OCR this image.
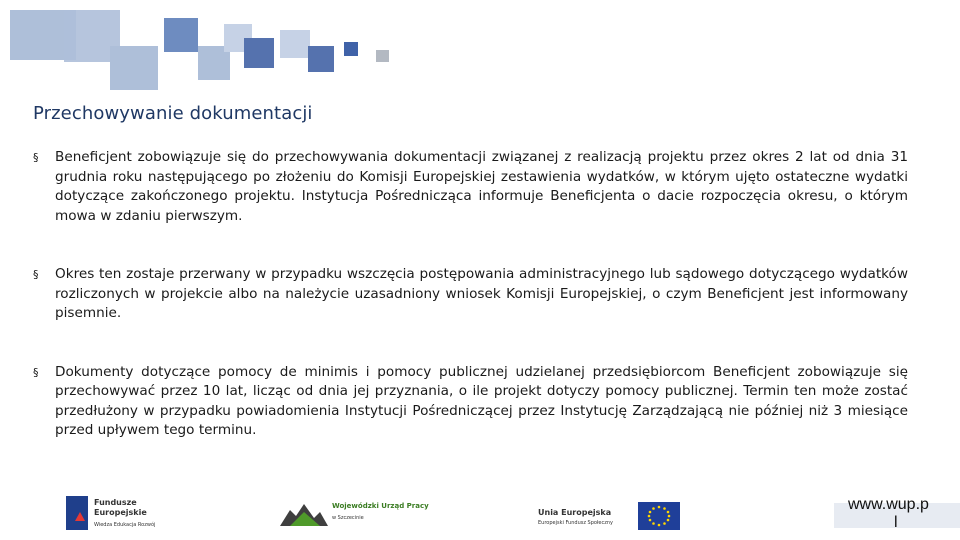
Przechowywanie dokumentacji
§ Beneficjent zobowiązuje się do przechowywania dokumentacji związanej z realizacją projektu przez okres 2 lat od dnia 31 grudnia roku następującego po złożeniu do Komisji Europejskiej zestawienia wydatków, w którym ujęto ostateczne wydatki dotyczące zakończonego projektu. Instytucja Pośrednicząca informuje Beneficjenta o dacie rozpoczęcia okresu, o którym mowa w zdaniu pierwszym.
§ Okres ten zostaje przerwany w przypadku wszczęcia postępowania administracyjnego lub sądowego dotyczącego wydatków rozliczonych w projekcie albo na należycie uzasadniony wniosek Komisji Europejskiej, o czym Beneficjent jest informowany pisemnie.
§ Dokumenty dotyczące pomocy de minimis i pomocy publicznej udzielanej przedsiębiorcom Beneficjent zobowiązuje się przechowywać przez 10 lat, licząc od dnia jej przyznania, o ile projekt dotyczy pomocy publicznej. Termin ten może zostać przedłużony w przypadku powiadomienia Instytucji Pośredniczącej przez Instytucję Zarządzającą nie później niż 3 miesiące przed upływem tego terminu.
Fundusze
Europejskie
Wiedza Edukacja Rozwój
Wojewódzki Urząd Pracy
w Szczecinie
Unia Europejska
Europejski Fundusz Społeczny
www.wup.p
l
